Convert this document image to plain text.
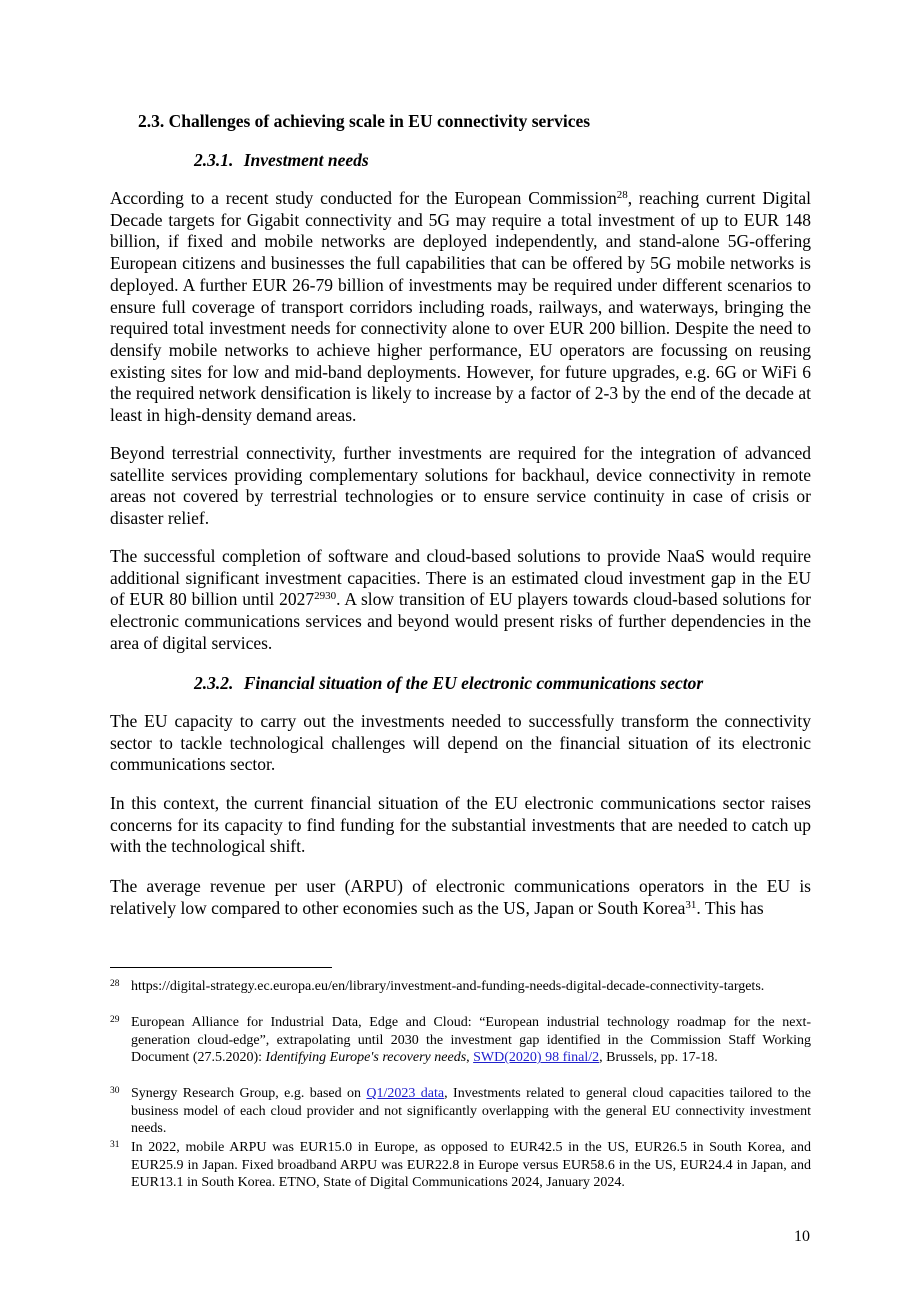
2.3. Challenges of achieving scale in EU connectivity services
2.3.1. Investment needs
According to a recent study conducted for the European Commission$^{28}$, reaching current Digital Decade targets for Gigabit connectivity and 5G may require a total investment of up to EUR 148 billion, if fixed and mobile networks are deployed independently, and stand-alone 5G-offering European citizens and businesses the full capabilities that can be offered by 5G mobile networks is deployed. A further EUR 26-79 billion of investments may be required under different scenarios to ensure full coverage of transport corridors including roads, railways, and waterways, bringing the required total investment needs for connectivity alone to over EUR 200 billion. Despite the need to densify mobile networks to achieve higher performance, EU operators are focussing on reusing existing sites for low and mid-band deployments. However, for future upgrades, e.g. 6G or WiFi 6 the required network densification is likely to increase by a factor of 2-3 by the end of the decade at least in high-density demand areas.
Beyond terrestrial connectivity, further investments are required for the integration of advanced satellite services providing complementary solutions for backhaul, device connectivity in remote areas not covered by terrestrial technologies or to ensure service continuity in case of crisis or disaster relief.
The successful completion of software and cloud-based solutions to provide NaaS would require additional significant investment capacities. There is an estimated cloud investment gap in the EU of EUR 80 billion until $2027^{2930}$. A slow transition of EU players towards cloud-based solutions for electronic communications services and beyond would present risks of further dependencies in the area of digital services.
2.3.2. Financial situation of the EU electronic communications sector
The EU capacity to carry out the investments needed to successfully transform the connectivity sector to tackle technological challenges will depend on the financial situation of its electronic communications sector.
In this context, the current financial situation of the EU electronic communications sector raises concerns for its capacity to find funding for the substantial investments that are needed to catch up with the technological shift.
The average revenue per user (ARPU) of electronic communications operators in the EU is relatively low compared to other economies such as the US, Japan or South Korea$^{31}$. This has
28 https://digital-strategy.ec.europa.eu/en/library/investment-and-funding-needs-digital-decade-connectivity-targets.
29 European Alliance for Industrial Data, Edge and Cloud: “European industrial technology roadmap for the next-generation cloud-edge”, extrapolating until 2030 the investment gap identified in the Commission Staff Working Document (27.5.2020): Identifying Europe's recovery needs, SWD(2020) 98 final/2, Brussels, pp. 17-18.
30 Synergy Research Group, e.g. based on Q1/2023 data, Investments related to general cloud capacities tailored to the business model of each cloud provider and not significantly overlapping with the general EU connectivity investment needs.
31 In 2022, mobile ARPU was EUR15.0 in Europe, as opposed to EUR42.5 in the US, EUR26.5 in South Korea, and EUR25.9 in Japan. Fixed broadband ARPU was EUR22.8 in Europe versus EUR58.6 in the US, EUR24.4 in Japan, and EUR13.1 in South Korea. ETNO, State of Digital Communications 2024, January 2024.
10
